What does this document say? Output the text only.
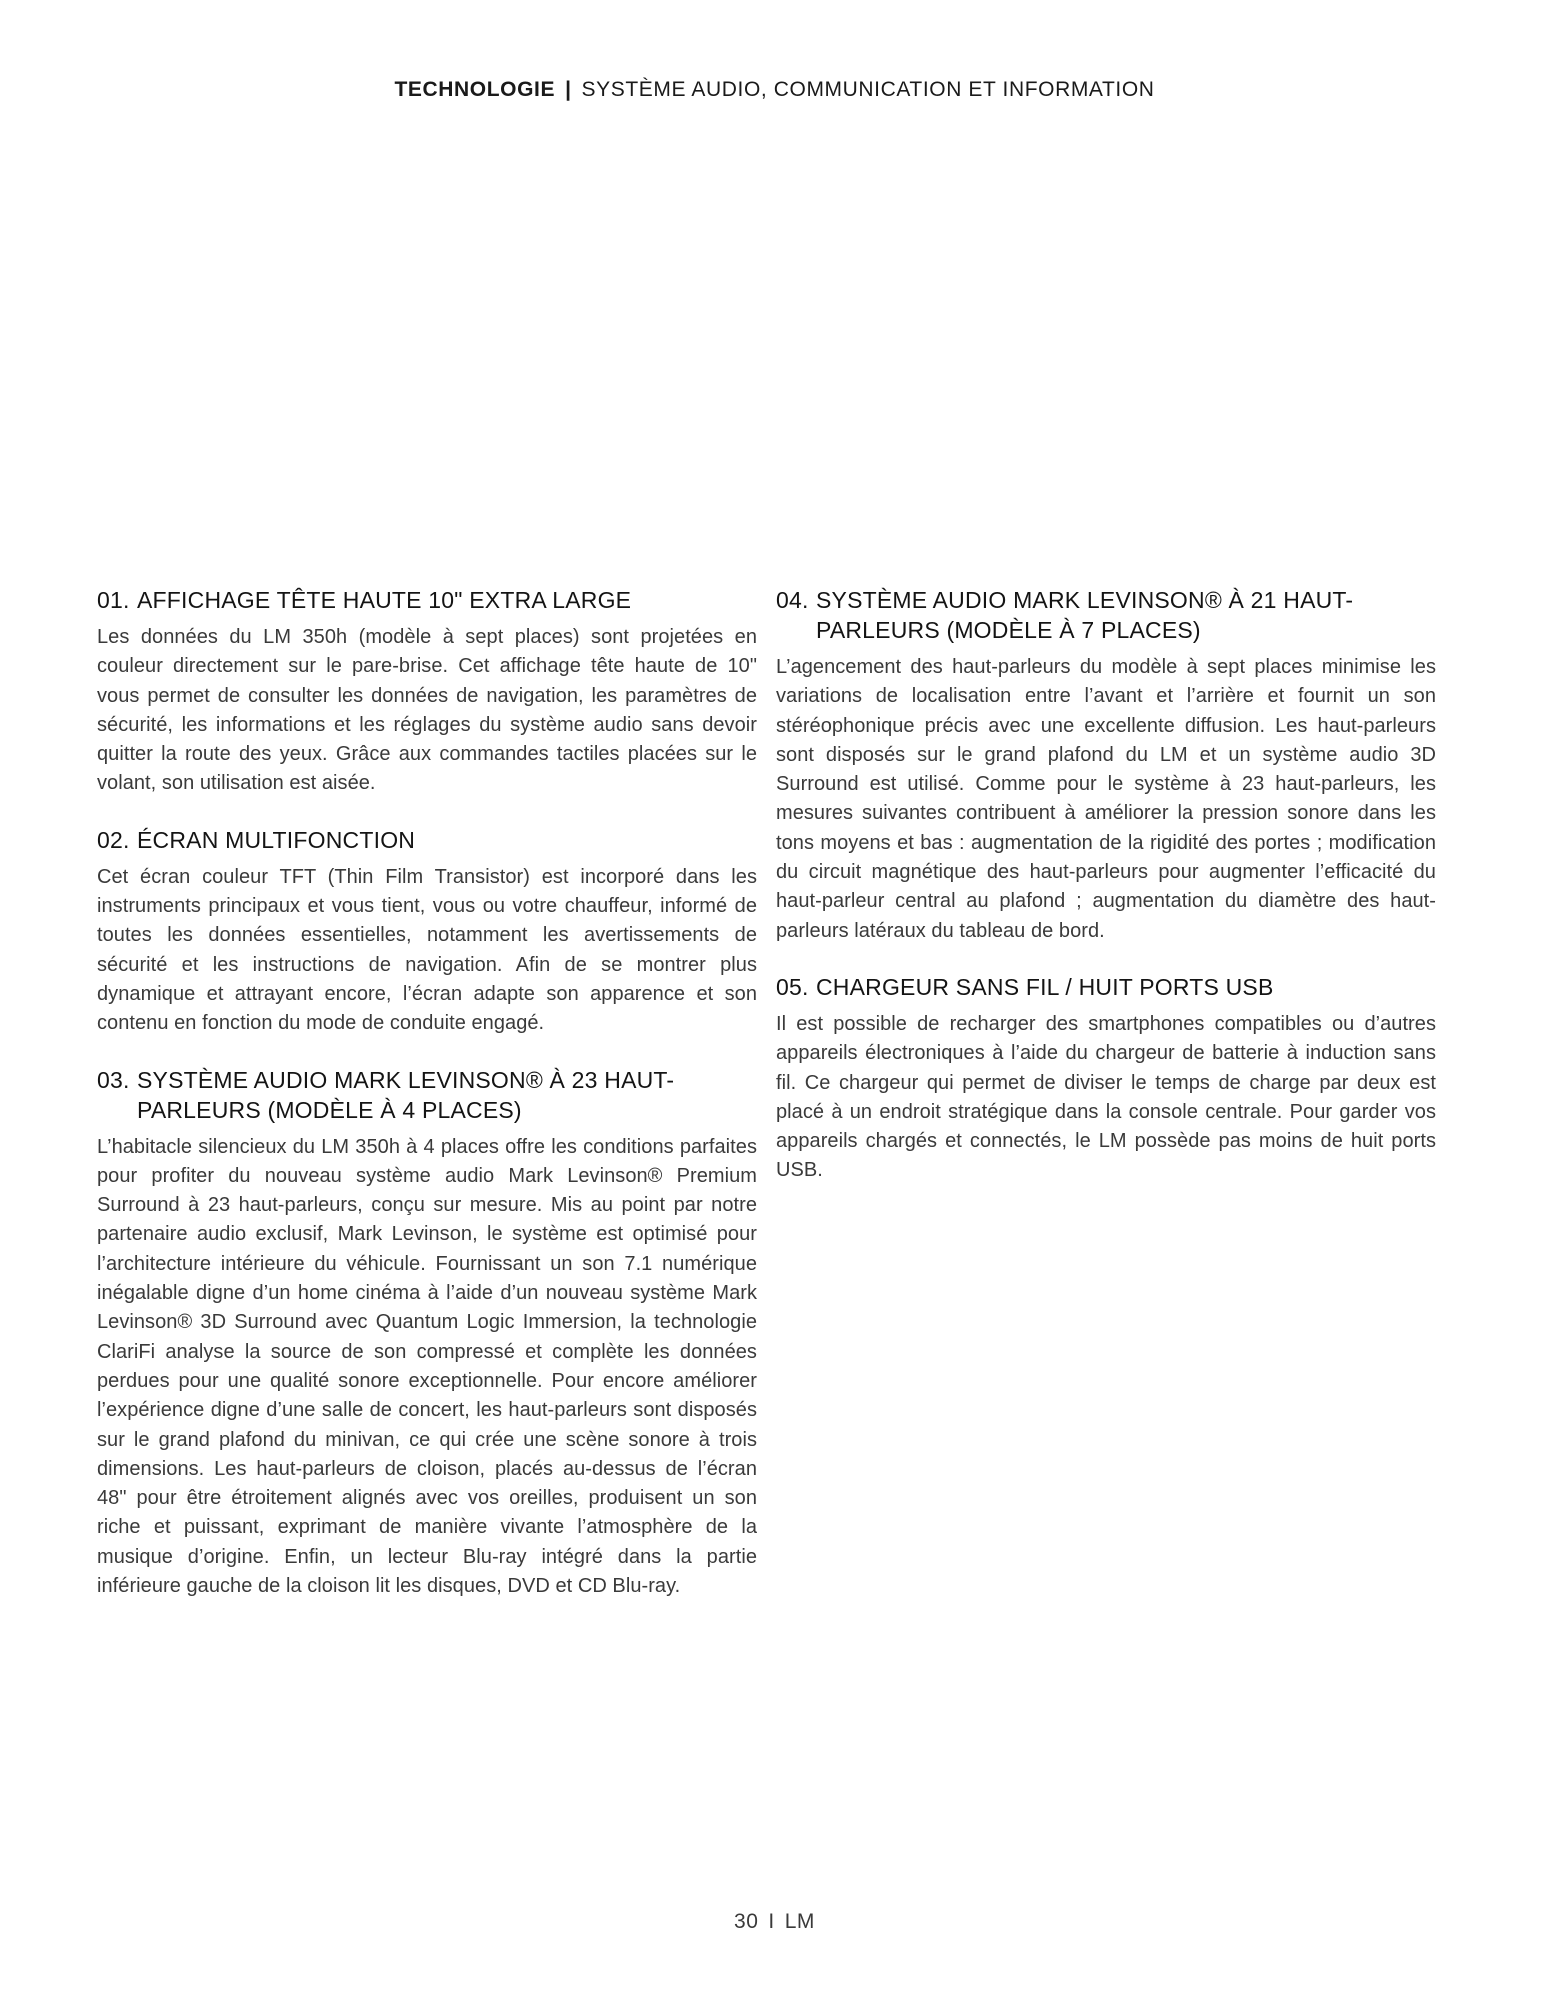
TECHNOLOGIE | SYSTÈME AUDIO, COMMUNICATION ET INFORMATION
01. AFFICHAGE TÊTE HAUTE 10" EXTRA LARGE

Les données du LM 350h (modèle à sept places) sont projetées en couleur directement sur le pare-brise. Cet affichage tête haute de 10" vous permet de consulter les données de navigation, les paramètres de sécurité, les informations et les réglages du système audio sans devoir quitter la route des yeux. Grâce aux commandes tactiles placées sur le volant, son utilisation est aisée.

02. ÉCRAN MULTIFONCTION

Cet écran couleur TFT (Thin Film Transistor) est incorporé dans les instruments principaux et vous tient, vous ou votre chauffeur, informé de toutes les données essentielles, notamment les avertissements de sécurité et les instructions de navigation. Afin de se montrer plus dynamique et attrayant encore, l’écran adapte son apparence et son contenu en fonction du mode de conduite engagé.

03. SYSTÈME AUDIO MARK LEVINSON® À 23 HAUT-PARLEURS (MODÈLE À 4 PLACES)

L’habitacle silencieux du LM 350h à 4 places offre les conditions parfaites pour profiter du nouveau système audio Mark Levinson® Premium Surround à 23 haut-parleurs, conçu sur mesure. Mis au point par notre partenaire audio exclusif, Mark Levinson, le système est optimisé pour l’architecture intérieure du véhicule. Fournissant un son 7.1 numérique inégalable digne d’un home cinéma à l’aide d’un nouveau système Mark Levinson® 3D Surround avec Quantum Logic Immersion, la technologie ClariFi analyse la source de son compressé et complète les données perdues pour une qualité sonore exceptionnelle. Pour encore améliorer l’expérience digne d’une salle de concert, les haut-parleurs sont disposés sur le grand plafond du minivan, ce qui crée une scène sonore à trois dimensions. Les haut-parleurs de cloison, placés au-dessus de l’écran 48" pour être étroitement alignés avec vos oreilles, produisent un son riche et puissant, exprimant de manière vivante l’atmosphère de la musique d’origine. Enfin, un lecteur Blu-ray intégré dans la partie inférieure gauche de la cloison lit les disques, DVD et CD Blu-ray.

04. SYSTÈME AUDIO MARK LEVINSON® À 21 HAUT-PARLEURS (MODÈLE À 7 PLACES)

L’agencement des haut-parleurs du modèle à sept places minimise les variations de localisation entre l’avant et l’arrière et fournit un son stéréophonique précis avec une excellente diffusion. Les haut-parleurs sont disposés sur le grand plafond du LM et un système audio 3D Surround est utilisé. Comme pour le système à 23 haut-parleurs, les mesures suivantes contribuent à améliorer la pression sonore dans les tons moyens et bas : augmentation de la rigidité des portes ; modification du circuit magnétique des haut-parleurs pour augmenter l’efficacité du haut-parleur central au plafond ; augmentation du diamètre des haut-parleurs latéraux du tableau de bord.

05. CHARGEUR SANS FIL / HUIT PORTS USB

Il est possible de recharger des smartphones compatibles ou d’autres appareils électroniques à l’aide du chargeur de batterie à induction sans fil. Ce chargeur qui permet de diviser le temps de charge par deux est placé à un endroit stratégique dans la console centrale. Pour garder vos appareils chargés et connectés, le LM possède pas moins de huit ports USB.

30 I LM
